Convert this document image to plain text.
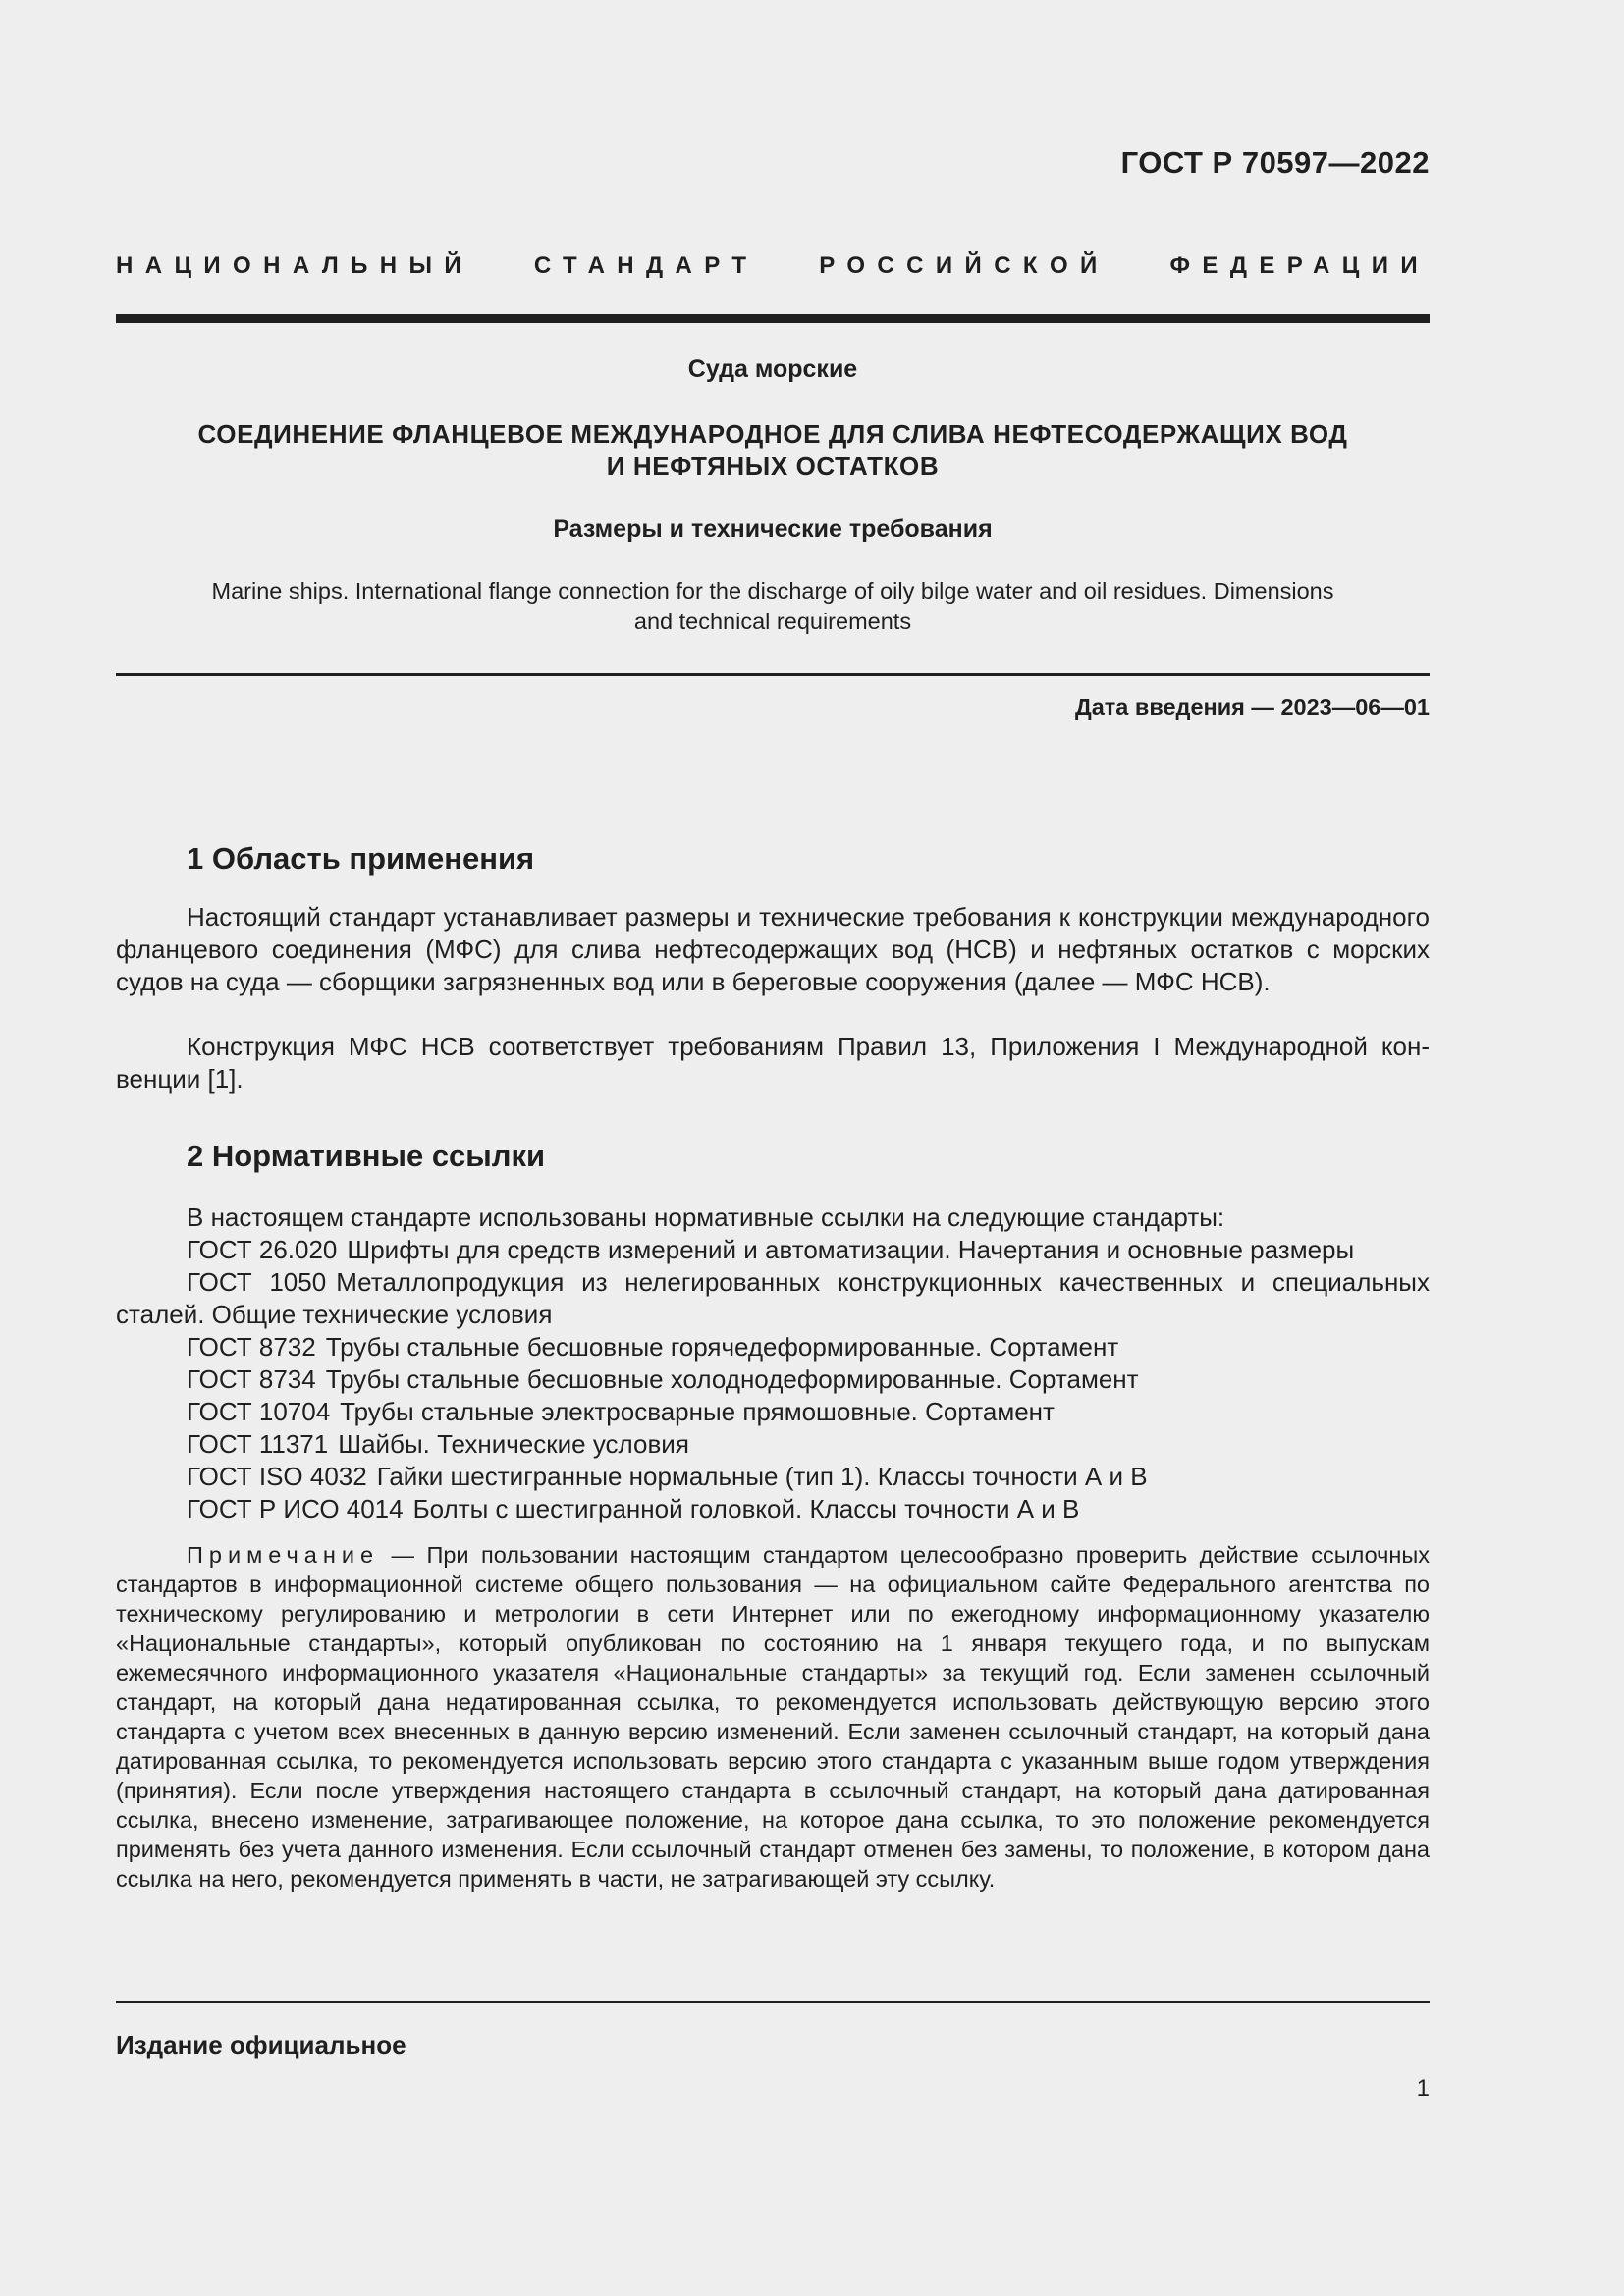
ГОСТ Р 70597—2022
НАЦИОНАЛЬНЫЙ СТАНДАРТ РОССИЙСКОЙ ФЕДЕРАЦИИ
Суда морские
СОЕДИНЕНИЕ ФЛАНЦЕВОЕ МЕЖДУНАРОДНОЕ ДЛЯ СЛИВА НЕФТЕСОДЕРЖАЩИХ ВОД
И НЕФТЯНЫХ ОСТАТКОВ
Размеры и технические требования
Marine ships. International flange connection for the discharge of oily bilge water and oil residues. Dimensions
and technical requirements
Дата введения — 2023—06—01
1 Область применения

Настоящий стандарт устанавливает размеры и технические требования к конструкции международного фланцевого соединения (МФС) для слива нефтесодержащих вод (НСВ) и нефтяных остатков с морских судов на суда — сборщики загрязненных вод или в береговые сооружения (далее — МФС НСВ).

Конструкция МФС НСВ соответствует требованиям Правил 13, Приложения I Международной конвенции [1].

2 Нормативные ссылки

В настоящем стандарте использованы нормативные ссылки на следующие стандарты:

ГОСТ 26.020 Шрифты для средств измерений и автоматизации. Начертания и основные размеры

ГОСТ 1050 Металлопродукция из нелегированных конструкционных качественных и специальных сталей. Общие технические условия

ГОСТ 8732 Трубы стальные бесшовные горячедеформированные. Сортамент

ГОСТ 8734 Трубы стальные бесшовные холоднодеформированные. Сортамент

ГОСТ 10704 Трубы стальные электросварные прямошовные. Сортамент

ГОСТ 11371 Шайбы. Технические условия

ГОСТ ISO 4032 Гайки шестигранные нормальные (тип 1). Классы точности А и В

ГОСТ Р ИСО 4014 Болты с шестигранной головкой. Классы точности А и В

Примечание — При пользовании настоящим стандартом целесообразно проверить действие ссылочных стандартов в информационной системе общего пользования — на официальном сайте Федерального агентства по техническому регулированию и метрологии в сети Интернет или по ежегодному информационному указателю «Национальные стандарты», который опубликован по состоянию на 1 января текущего года, и по выпускам ежемесячного информационного указателя «Национальные стандарты» за текущий год. Если заменен ссылочный стандарт, на который дана недатированная ссылка, то рекомендуется использовать действующую версию этого стандарта с учетом всех внесенных в данную версию изменений. Если заменен ссылочный стандарт, на который дана датированная ссылка, то рекомендуется использовать версию этого стандарта с указанным выше годом утверждения (принятия). Если после утверждения настоящего стандарта в ссылочный стандарт, на который дана датированная ссылка, внесено изменение, затрагивающее положение, на которое дана ссылка, то это положение рекомендуется применять без учета данного изменения. Если ссылочный стандарт отменен без замены, то положение, в котором дана ссылка на него, рекомендуется применять в части, не затрагивающей эту ссылку.

Издание официальное
1
